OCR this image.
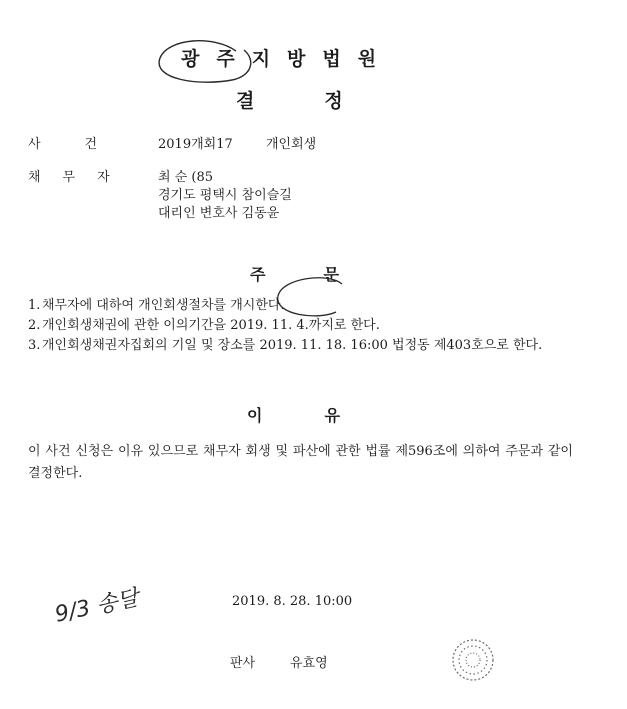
광주지방법원
결정
사건 2019개회17	개인회생
채무자 최 순 (85
경기도 평택시 참이슬길
대리인 변호사 김동윤
주문
1. 채무자에 대하여 개인회생절차를 개시한다.
2. 개인회생채권에 관한 이의기간을 2019. 11. 4.까지로 한다.
3. 개인회생채권자집회의 기일 및 장소를 2019. 11. 18. 16:00 법정동 제403호으로 한다.
이유
이 사건 신청은 이유 있으므로 채무자 회생 및 파산에 관한 법률 제596조에 의하여 주문과 같이 결정한다.
2019. 8. 28. 10:00
9/3 송달
판사	유효영
